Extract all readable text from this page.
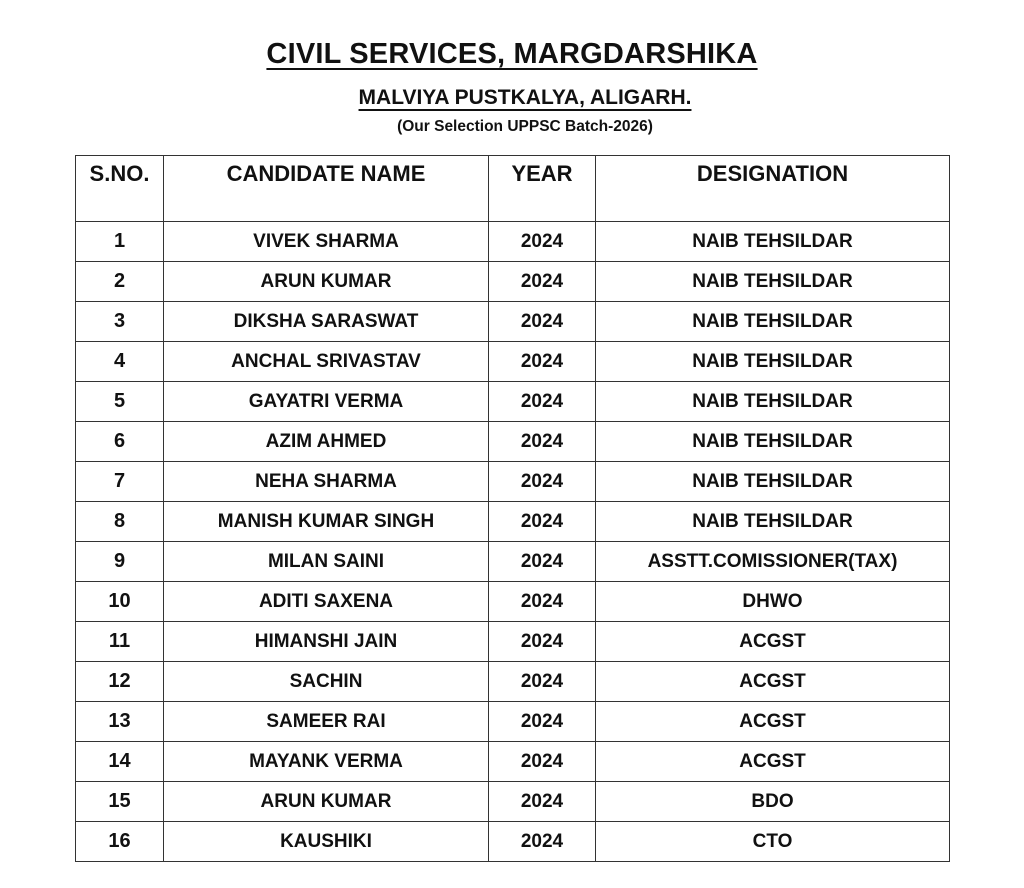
CIVIL SERVICES, MARGDARSHIKA
MALVIYA PUSTKALYA, ALIGARH.
(Our Selection UPPSC Batch-2026)
S.NO.	CANDIDATE NAME	YEAR	DESIGNATION
1	VIVEK SHARMA	2024	NAIB TEHSILDAR
2	ARUN KUMAR	2024	NAIB TEHSILDAR
3	DIKSHA SARASWAT	2024	NAIB TEHSILDAR
4	ANCHAL SRIVASTAV	2024	NAIB TEHSILDAR
5	GAYATRI VERMA	2024	NAIB TEHSILDAR
6	AZIM AHMED	2024	NAIB TEHSILDAR
7	NEHA SHARMA	2024	NAIB TEHSILDAR
8	MANISH KUMAR SINGH	2024	NAIB TEHSILDAR
9	MILAN SAINI	2024	ASSTT.COMISSIONER(TAX)
10	ADITI SAXENA	2024	DHWO
11	HIMANSHI JAIN	2024	ACGST
12	SACHIN	2024	ACGST
13	SAMEER RAI	2024	ACGST
14	MAYANK VERMA	2024	ACGST
15	ARUN KUMAR	2024	BDO
16	KAUSHIKI	2024	CTO
